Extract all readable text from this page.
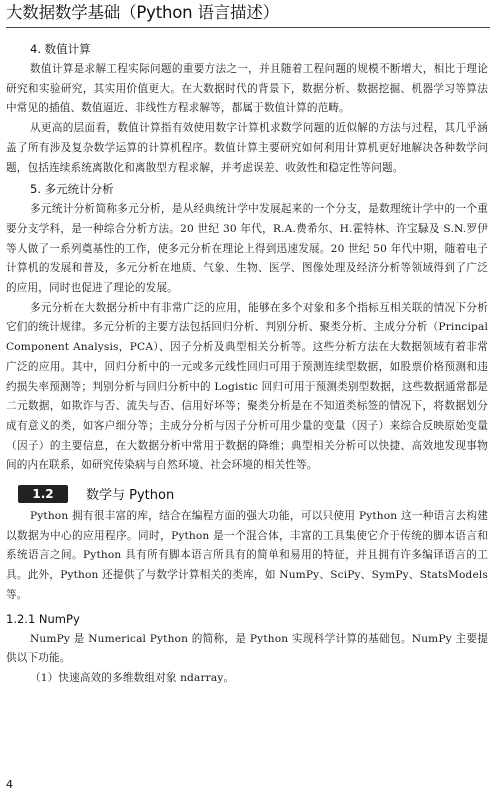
大数据数学基础（Python 语言描述）
4. 数值计算

数值计算是求解工程实际问题的重要方法之一，并且随着工程问题的规模不断增大，相比于理论研究和实验研究，其实用价值更大。在大数据时代的背景下，数据分析、数据挖掘、机器学习等算法中常见的插值、数值逼近、非线性方程求解等，都属于数值计算的范畴。

从更高的层面看，数值计算指有效使用数字计算机求数学问题的近似解的方法与过程，其几乎涵盖了所有涉及复杂数学运算的计算机程序。数值计算主要研究如何利用计算机更好地解决各种数学问题，包括连续系统离散化和离散型方程求解，并考虑误差、收敛性和稳定性等问题。

5. 多元统计分析

多元统计分析简称多元分析，是从经典统计学中发展起来的一个分支，是数理统计学中的一个重要分支学科，是一种综合分析方法。20 世纪 30 年代，R.A.费希尔、H.霍特林、许宝騄及 S.N.罗伊等人做了一系列奠基性的工作，使多元分析在理论上得到迅速发展。20 世纪 50 年代中期，随着电子计算机的发展和普及，多元分析在地质、气象、生物、医学、图像处理及经济分析等领域得到了广泛的应用，同时也促进了理论的发展。

多元分析在大数据分析中有非常广泛的应用，能够在多个对象和多个指标互相关联的情况下分析它们的统计规律。多元分析的主要方法包括回归分析、判别分析、聚类分析、主成分分析（Principal Component Analysis，PCA）、因子分析及典型相关分析等。这些分析方法在大数据领域有着非常广泛的应用。其中，回归分析中的一元或多元线性回归可用于预测连续型数据，如股票价格预测和违约损失率预测等；判别分析与回归分析中的 Logistic 回归可用于预测类别型数据，这些数据通常都是二元数据，如欺诈与否、流失与否、信用好坏等；聚类分析是在不知道类标签的情况下，将数据划分成有意义的类，如客户细分等；主成分分析与因子分析可用少量的变量（因子）来综合反映原始变量（因子）的主要信息，在大数据分析中常用于数据的降维；典型相关分析可以快捷、高效地发现事物间的内在联系，如研究传染病与自然环境、社会环境的相关性等。

1.2	数学与 Python

Python 拥有很丰富的库，结合在编程方面的强大功能，可以只使用 Python 这一种语言去构建以数据为中心的应用程序。同时，Python 是一个混合体，丰富的工具集使它介于传统的脚本语言和系统语言之间。Python 具有所有脚本语言所具有的简单和易用的特征，并且拥有许多编译语言的工具。此外，Python 还提供了与数学计算相关的类库，如 NumPy、SciPy、SymPy、StatsModels 等。

1.2.1 NumPy

NumPy 是 Numerical Python 的简称，是 Python 实现科学计算的基础包。NumPy 主要提供以下功能。

（1）快速高效的多维数组对象 ndarray。

4
